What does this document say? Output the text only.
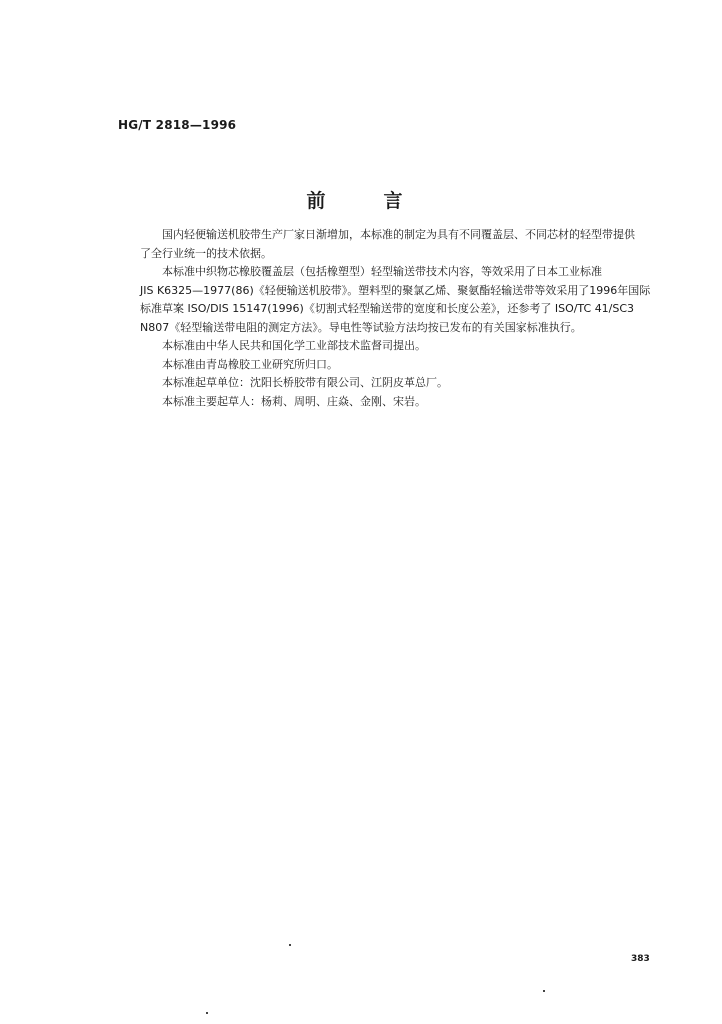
HG/T 2818—1996
前言

国内轻便输送机胶带生产厂家日渐增加，本标准的制定为具有不同覆盖层、不同芯材的轻型带提供
了全行业统一的技术依据。

本标准中织物芯橡胶覆盖层（包括橡塑型）轻型输送带技术内容，等效采用了日本工业标准
JIS K6325—1977(86)《轻便输送机胶带》。塑料型的聚氯乙烯、聚氨酯轻输送带等效采用了1996年国际
标准草案 ISO/DIS 15147(1996)《切割式轻型输送带的宽度和长度公差》，还参考了 ISO/TC 41/SC3
N807《轻型输送带电阻的测定方法》。导电性等试验方法均按已发布的有关国家标准执行。

本标准由中华人民共和国化学工业部技术监督司提出。

本标准由青岛橡胶工业研究所归口。

本标准起草单位：沈阳长桥胶带有限公司、江阴皮革总厂。

本标准主要起草人：杨莉、周明、庄焱、金刚、宋岩。

383
